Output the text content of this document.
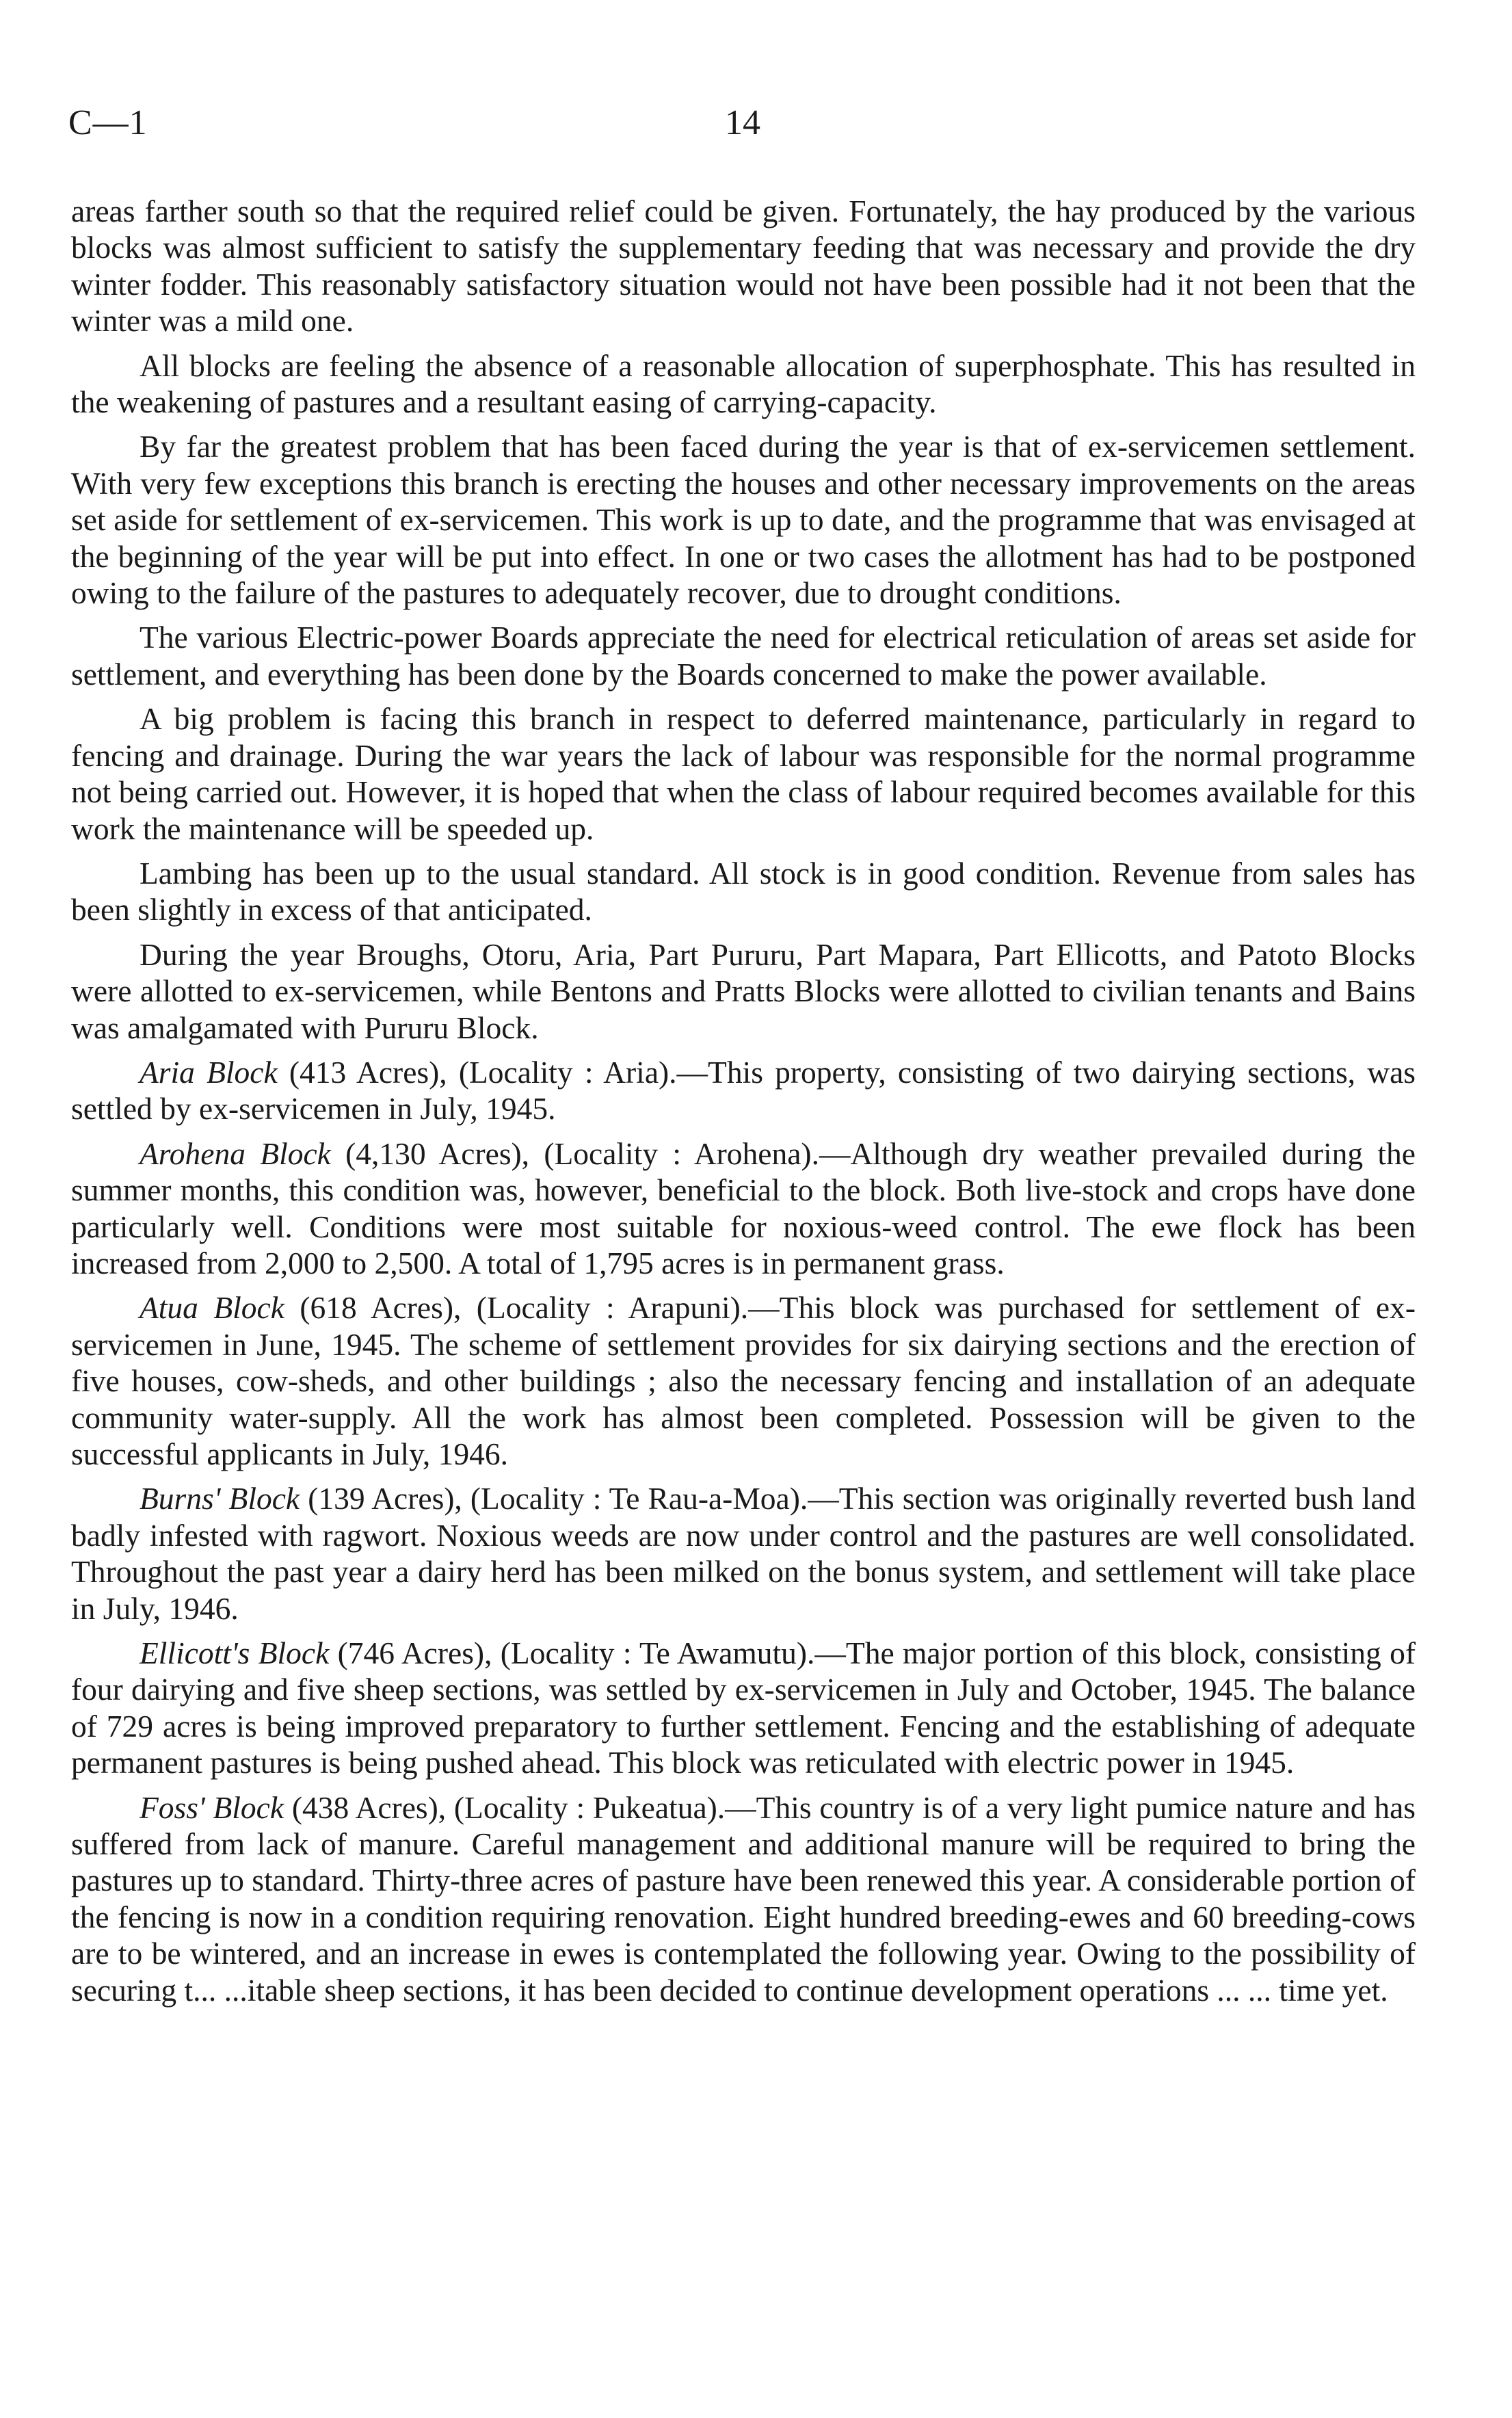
C—1	14

areas farther south so that the required relief could be given. Fortunately, the hay produced by the various blocks was almost sufficient to satisfy the supplementary feeding that was necessary and provide the dry winter fodder. This reasonably satisfactory situation would not have been possible had it not been that the winter was a mild one.

All blocks are feeling the absence of a reasonable allocation of superphosphate. This has resulted in the weakening of pastures and a resultant easing of carrying-capacity.

By far the greatest problem that has been faced during the year is that of ex-servicemen settlement. With very few exceptions this branch is erecting the houses and other necessary improvements on the areas set aside for settlement of ex-servicemen. This work is up to date, and the programme that was envisaged at the beginning of the year will be put into effect. In one or two cases the allotment has had to be postponed owing to the failure of the pastures to adequately recover, due to drought conditions.

The various Electric-power Boards appreciate the need for electrical reticulation of areas set aside for settlement, and everything has been done by the Boards concerned to make the power available.

A big problem is facing this branch in respect to deferred maintenance, particularly in regard to fencing and drainage. During the war years the lack of labour was responsible for the normal programme not being carried out. However, it is hoped that when the class of labour required becomes available for this work the maintenance will be speeded up.

Lambing has been up to the usual standard. All stock is in good condition. Revenue from sales has been slightly in excess of that anticipated.

During the year Broughs, Otoru, Aria, Part Pururu, Part Mapara, Part Ellicotts, and Patoto Blocks were allotted to ex-servicemen, while Bentons and Pratts Blocks were allotted to civilian tenants and Bains was amalgamated with Pururu Block.

Aria Block (413 Acres), (Locality : Aria).—This property, consisting of two dairying sections, was settled by ex-servicemen in July, 1945.

Arohena Block (4,130 Acres), (Locality : Arohena).—Although dry weather prevailed during the summer months, this condition was, however, beneficial to the block. Both live-stock and crops have done particularly well. Conditions were most suitable for noxious-weed control. The ewe flock has been increased from 2,000 to 2,500. A total of 1,795 acres is in permanent grass.

Atua Block (618 Acres), (Locality : Arapuni).—This block was purchased for settlement of ex-servicemen in June, 1945. The scheme of settlement provides for six dairying sections and the erection of five houses, cow-sheds, and other buildings ; also the necessary fencing and installation of an adequate community water-supply. All the work has almost been completed. Possession will be given to the successful applicants in July, 1946.

Burns' Block (139 Acres), (Locality : Te Rau-a-Moa).—This section was originally reverted bush land badly infested with ragwort. Noxious weeds are now under control and the pastures are well consolidated. Throughout the past year a dairy herd has been milked on the bonus system, and settlement will take place in July, 1946.

Ellicott's Block (746 Acres), (Locality : Te Awamutu).—The major portion of this block, consisting of four dairying and five sheep sections, was settled by ex-servicemen in July and October, 1945. The balance of 729 acres is being improved preparatory to further settlement. Fencing and the establishing of adequate permanent pastures is being pushed ahead. This block was reticulated with electric power in 1945.

Foss' Block (438 Acres), (Locality : Pukeatua).—This country is of a very light pumice nature and has suffered from lack of manure. Careful management and additional manure will be required to bring the pastures up to standard. Thirty-three acres of pasture have been renewed this year. A considerable portion of the fencing is now in a condition requiring renovation. Eight hundred breeding-ewes and 60 breeding-cows are to be wintered, and an increase in ewes is contemplated the following year. Owing to the possibility of securing t... ...itable sheep sections, it has been decided to continue development operations ... ... time yet.
